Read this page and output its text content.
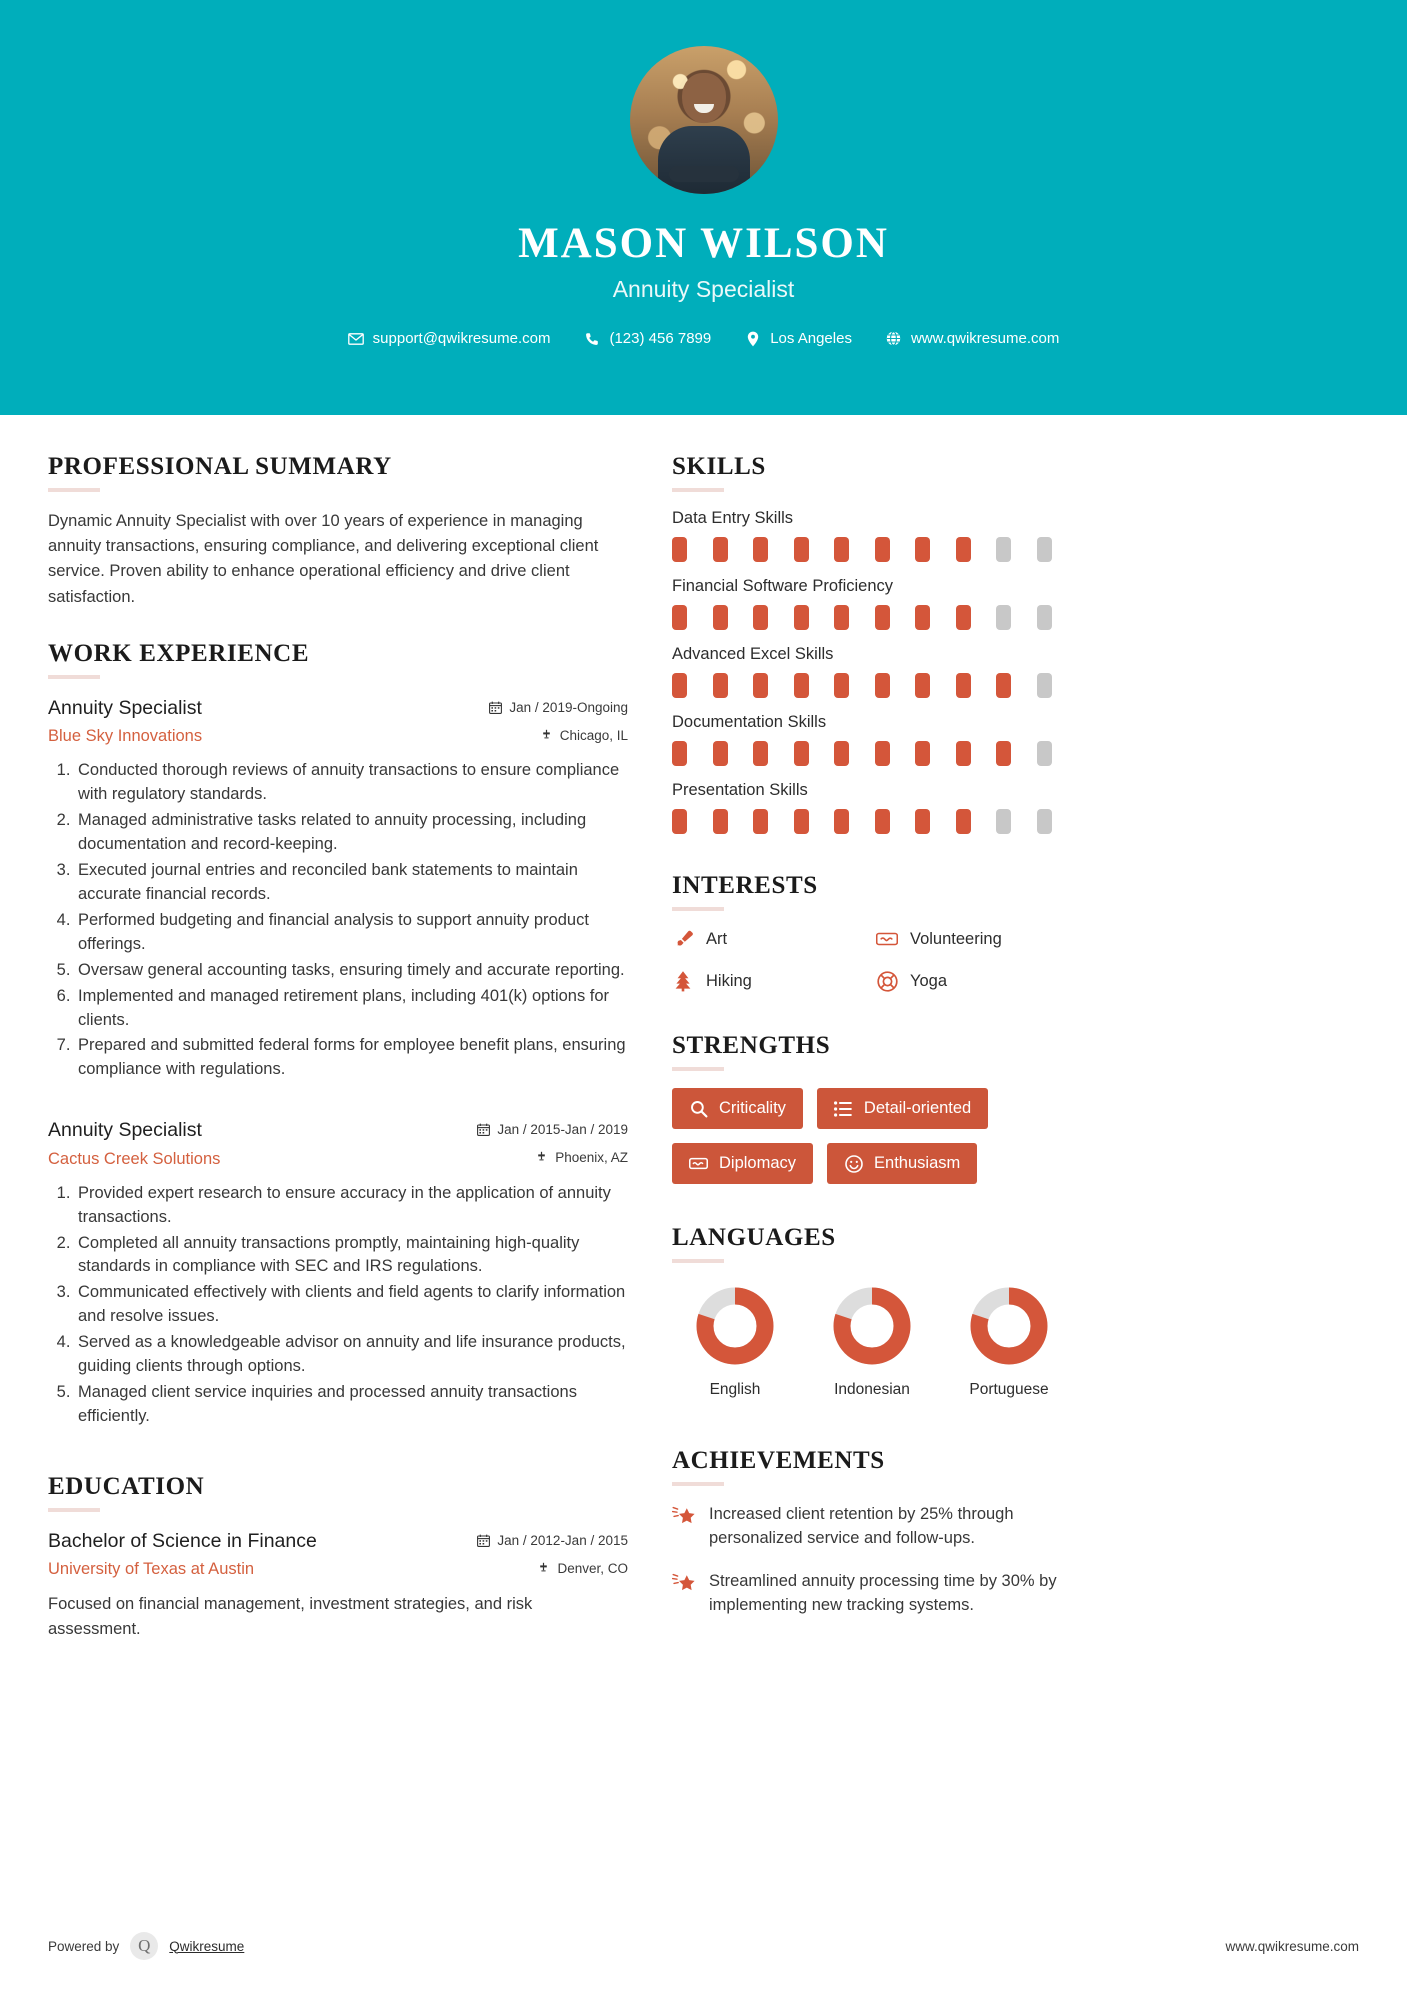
MASON WILSON
Annuity Specialist
support@qwikresume.com	(123) 456 7899	Los Angeles	www.qwikresume.com
PROFESSIONAL SUMMARY
Dynamic Annuity Specialist with over 10 years of experience in managing annuity transactions, ensuring compliance, and delivering exceptional client service. Proven ability to enhance operational efficiency and drive client satisfaction.
WORK EXPERIENCE
Annuity Specialist
Blue Sky Innovations
Jan / 2019-Ongoing
Chicago, IL
1. Conducted thorough reviews of annuity transactions to ensure compliance with regulatory standards.
2. Managed administrative tasks related to annuity processing, including documentation and record-keeping.
3. Executed journal entries and reconciled bank statements to maintain accurate financial records.
4. Performed budgeting and financial analysis to support annuity product offerings.
5. Oversaw general accounting tasks, ensuring timely and accurate reporting.
6. Implemented and managed retirement plans, including 401(k) options for clients.
7. Prepared and submitted federal forms for employee benefit plans, ensuring compliance with regulations.
Annuity Specialist
Cactus Creek Solutions
Jan / 2015-Jan / 2019
Phoenix, AZ
1. Provided expert research to ensure accuracy in the application of annuity transactions.
2. Completed all annuity transactions promptly, maintaining high-quality standards in compliance with SEC and IRS regulations.
3. Communicated effectively with clients and field agents to clarify information and resolve issues.
4. Served as a knowledgeable advisor on annuity and life insurance products, guiding clients through options.
5. Managed client service inquiries and processed annuity transactions efficiently.
EDUCATION
Bachelor of Science in Finance
University of Texas at Austin
Jan / 2012-Jan / 2015
Denver, CO
Focused on financial management, investment strategies, and risk assessment.
SKILLS
Data Entry Skills
Financial Software Proficiency
Advanced Excel Skills
Documentation Skills
Presentation Skills
INTERESTS
Art	Volunteering
Hiking	Yoga
STRENGTHS
Criticality	Detail-oriented
Diplomacy	Enthusiasm
LANGUAGES
English	Indonesian	Portuguese
ACHIEVEMENTS
Increased client retention by 25% through personalized service and follow-ups.
Streamlined annuity processing time by 30% by implementing new tracking systems.
Powered by	Q	Qwikresume	www.qwikresume.com
